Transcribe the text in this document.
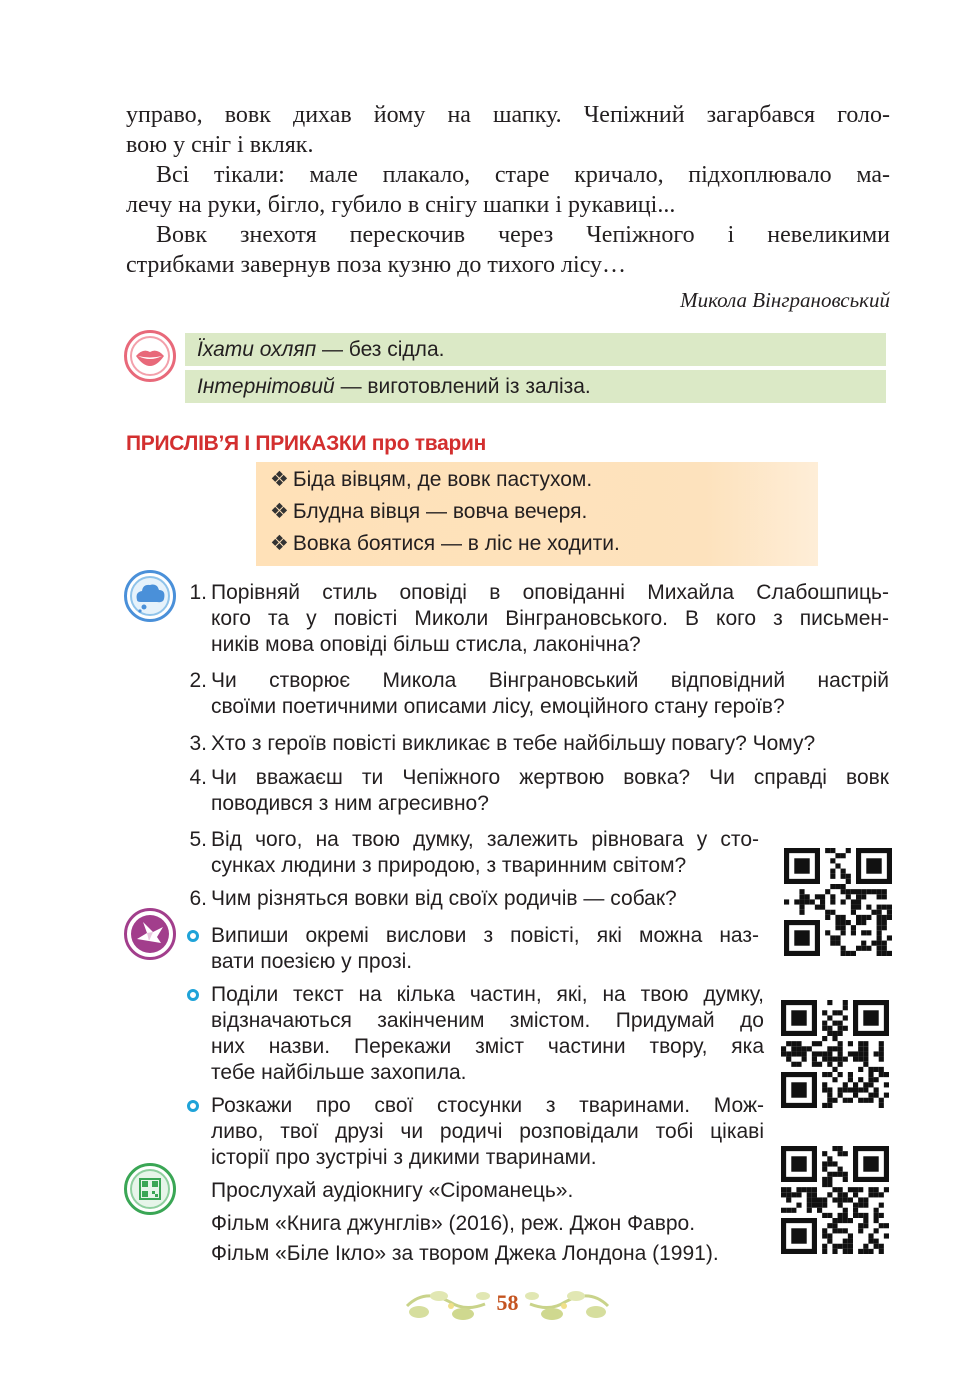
управо, вовк дихав йому на шапку. Чепіжний загарбався голо-

вою у сніг і вкляк.

Всі тікали: мале плакало, старе кричало, підхоплювало ма-

лечу на руки, бігло, губило в снігу шапки і рукавиці...

Вовк знехотя перескочив через Чепіжного і невеликими

стрибками завернув поза кузню до тихого лісу…

Микола Вінграновський
Їхати охляп — без сідла.
Інтернітовий — виготовлений із заліза.
ПРИСЛІВ’Я І ПРИКАЗКИ про тварин
❖ Біда вівцям, де вовк пастухом.
❖ Блудна вівця — вовча вечеря.
❖ Вовка боятися — в ліс не ходити.
1. Порівняй стиль оповіді в оповіданні Михайла Слабошпиць-
кого та у повісті Миколи Вінграновського. В кого з письмен-
ників мова оповіді більш стисла, лаконічна?
2. Чи створює Микола Вінграновський відповідний настрій
своїми поетичними описами лісу, емоційного стану героїв?
3. Хто з героїв повісті викликає в тебе найбільшу повагу? Чому?
4. Чи вважаєш ти Чепіжного жертвою вовка? Чи справді вовк
поводився з ним агресивно?
5. Від чого, на твою думку, залежить рівновага у сто-
сунках людини з природою, з тваринним світом?
6. Чим різняться вовки від своїх родичів — собак?
Випиши окремі вислови з повісті, які можна наз-
вати поезією у прозі.
Поділи текст на кілька частин, які, на твою думку,
відзначаються закінченим змістом. Придумай до
них назви. Перекажи зміст частини твору, яка
тебе найбільше захопила.
Розкажи про свої стосунки з тваринами. Мож-
ливо, твої друзі чи родичі розповідали тобі цікаві
історії про зустрічі з дикими тваринами.
Прослухай аудіокнигу «Сіроманець».
Фільм «Книга джунглів» (2016), реж. Джон Фавро.
Фільм «Біле Ікло» за твором Джека Лондона (1991).
58
